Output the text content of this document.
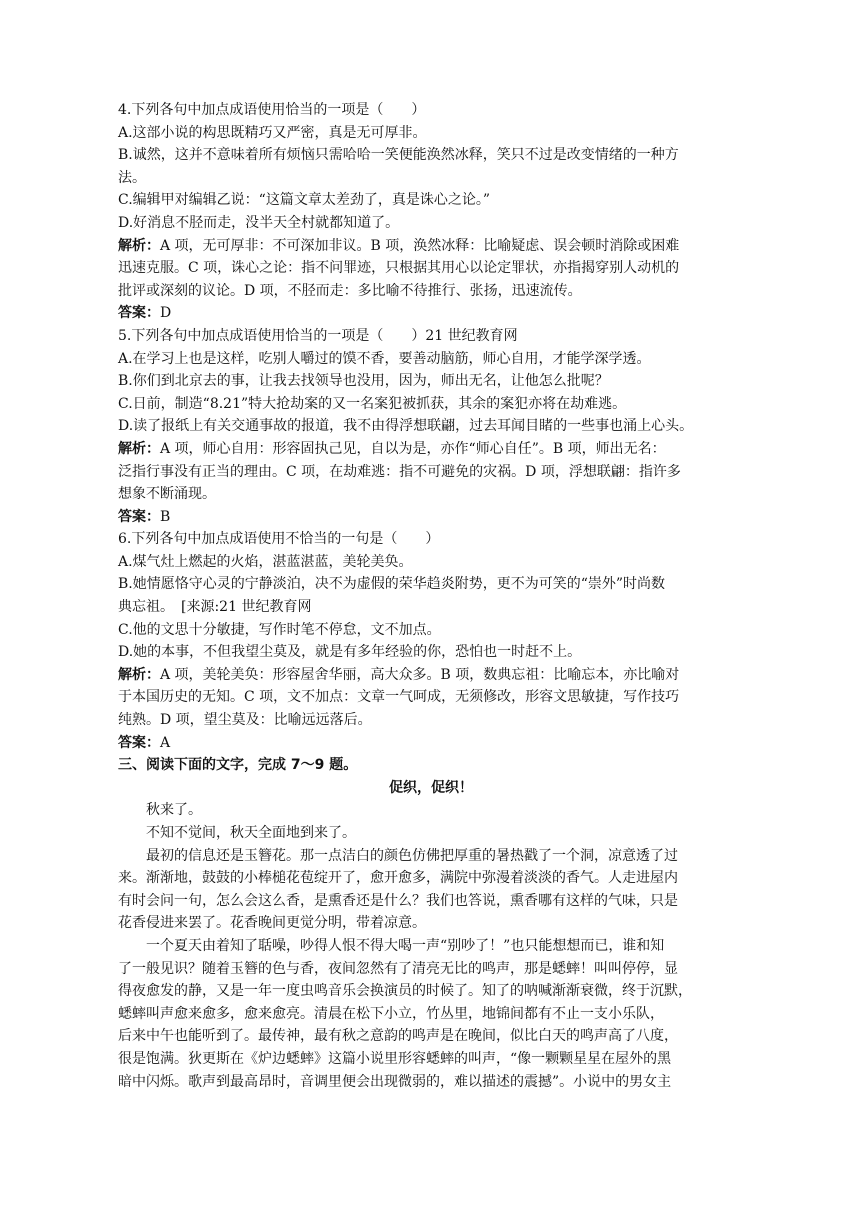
4.下列各句中加点成语使用恰当的一项是（　　）
A.这部小说的构思既精巧又严密，真是无可厚非。
B.诚然，这并不意味着所有烦恼只需哈哈一笑便能涣然冰释，笑只不过是改变情绪的一种方
法。
C.编辑甲对编辑乙说：“这篇文章太差劲了，真是诛心之论。”
D.好消息不胫而走，没半天全村就都知道了。
解析：A 项，无可厚非：不可深加非议。B 项，涣然冰释：比喻疑虑、误会顿时消除或困难
迅速克服。C 项，诛心之论：指不问罪迹，只根据其用心以论定罪状，亦指揭穿别人动机的
批评或深刻的议论。D 项，不胫而走：多比喻不待推行、张扬，迅速流传。
答案：D
5.下列各句中加点成语使用恰当的一项是（　　）21 世纪教育网
A.在学习上也是这样，吃别人嚼过的馍不香，要善动脑筋，师心自用，才能学深学透。
B.你们到北京去的事，让我去找领导也没用，因为，师出无名，让他怎么批呢？
C.日前，制造“8.21”特大抢劫案的又一名案犯被抓获，其余的案犯亦将在劫难逃。
D.读了报纸上有关交通事故的报道，我不由得浮想联翩，过去耳闻目睹的一些事也涌上心头。
解析：A 项，师心自用：形容固执己见，自以为是，亦作“师心自任”。B 项，师出无名：
泛指行事没有正当的理由。C 项，在劫难逃：指不可避免的灾祸。D 项，浮想联翩：指许多
想象不断涌现。
答案：B
6.下列各句中加点成语使用不恰当的一句是（　　）
A.煤气灶上燃起的火焰，湛蓝湛蓝，美轮美奂。
B.她情愿恪守心灵的宁静淡泊，决不为虚假的荣华趋炎附势，更不为可笑的“崇外”时尚数
典忘祖。　[来源:21 世纪教育网
C.他的文思十分敏捷，写作时笔不停怠，文不加点。
D.她的本事，不但我望尘莫及，就是有多年经验的你，恐怕也一时赶不上。
解析：A 项，美轮美奂：形容屋舍华丽，高大众多。B 项，数典忘祖：比喻忘本，亦比喻对
于本国历史的无知。C 项，文不加点：文章一气呵成，无须修改，形容文思敏捷，写作技巧
纯熟。D 项，望尘莫及：比喻远远落后。
答案：A
三、阅读下面的文字，完成 7～9 题。
促织，促织！
秋来了。
不知不觉间，秋天全面地到来了。
最初的信息还是玉簪花。那一点洁白的颜色仿佛把厚重的暑热戳了一个洞，凉意透了过
来。渐渐地，鼓鼓的小棒槌花苞绽开了，愈开愈多，满院中弥漫着淡淡的香气。人走进屋内
有时会问一句，怎么会这么香，是熏香还是什么？我们也答说，熏香哪有这样的气味，只是
花香侵进来罢了。花香晚间更觉分明，带着凉意。
一个夏天由着知了聒噪，吵得人恨不得大喝一声“别吵了！”也只能想想而已，谁和知
了一般见识？随着玉簪的色与香，夜间忽然有了清亮无比的鸣声，那是蟋蟀！叫叫停停，显
得夜愈发的静，又是一年一度虫鸣音乐会换演员的时候了。知了的呐喊渐渐衰微，终于沉默，
蟋蟀叫声愈来愈多，愈来愈亮。清晨在松下小立，竹丛里，地锦间都有不止一支小乐队，
后来中午也能听到了。最传神，最有秋之意韵的鸣声是在晚间，似比白天的鸣声高了八度，
很是饱满。狄更斯在《炉边蟋蟀》这篇小说里形容蟋蟀的叫声，“像一颗颗星星在屋外的黑
暗中闪烁。歌声到最高昂时，音调里便会出现微弱的，难以描述的震撼”。小说中的男女主
